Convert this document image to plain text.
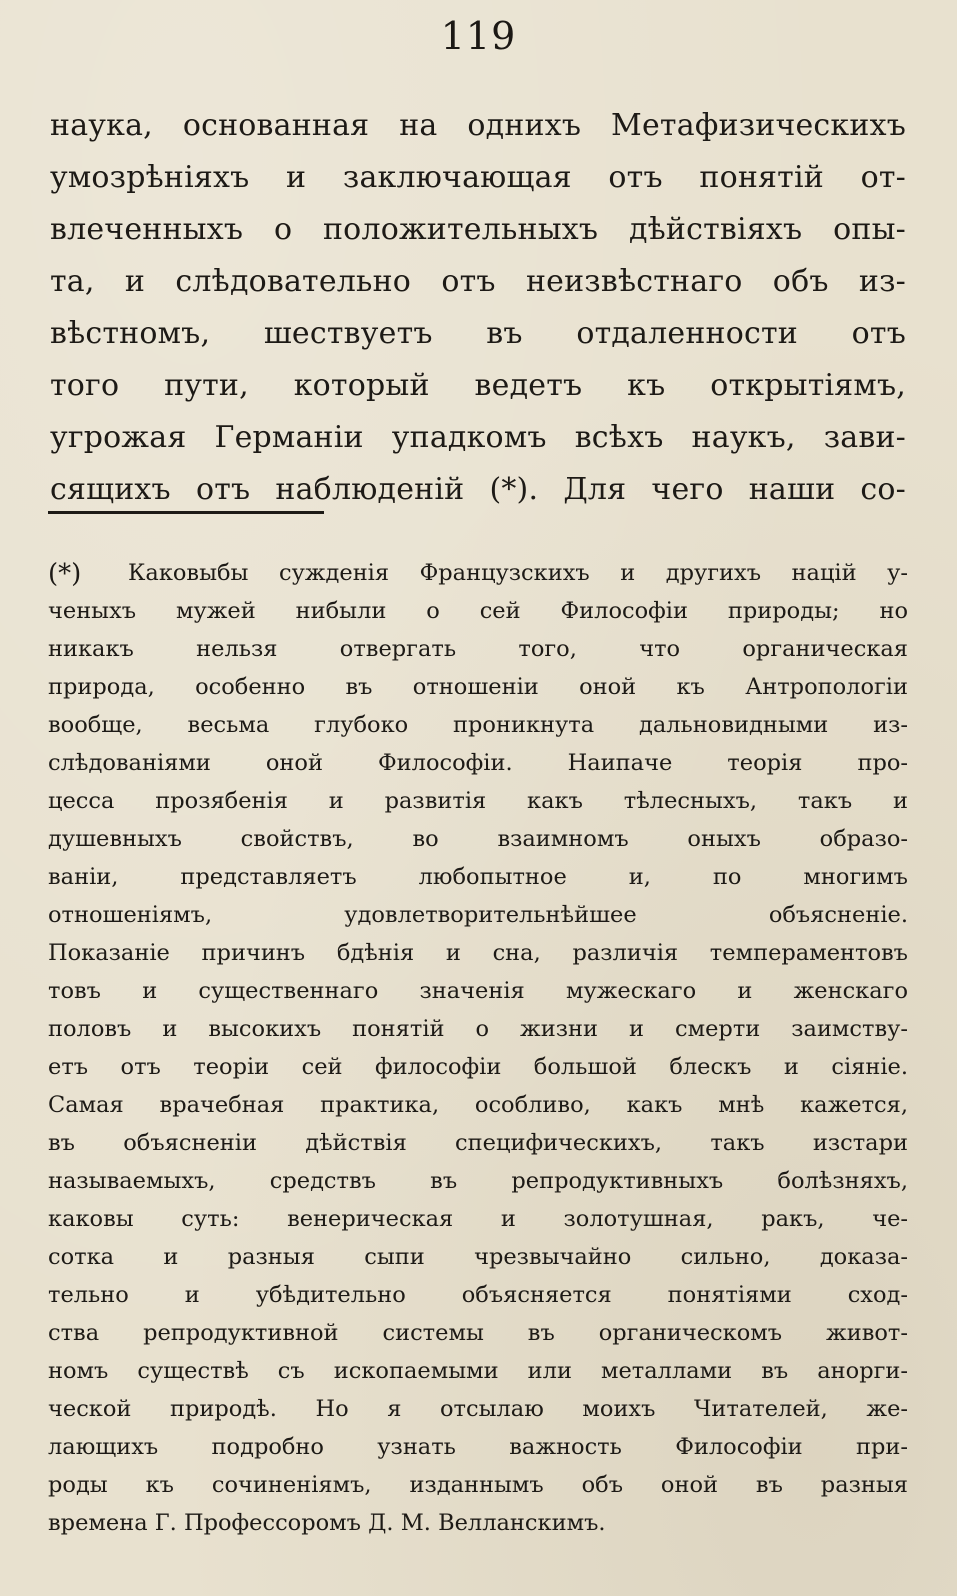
119
наука, основанная на однихъ Метафизическихъ
умозрѣніяхъ и заключающая отъ понятій от-
влеченныхъ о положительныхъ дѣйствіяхъ опы-
та, и слѣдовательно отъ неизвѣстнаго объ из-
вѣстномъ, шествуетъ въ отдаленности отъ
того пути, который ведетъ къ открытіямъ,
угрожая Германіи упадкомъ всѣхъ наукъ, зави-
сящихъ отъ наблюденій (*). Для чего наши со-
(*)	Каковыбы сужденія Французскихъ и другихъ націй у-
ченыхъ мужей нибыли о сей Философіи природы; но
никакъ нельзя отвергать того, что органическая
природа, особенно въ отношеніи оной къ Антропологіи
вообще, весьма глубоко проникнута дальновидными из-
слѣдованіями оной Философіи. Наипаче теорія про-
цесса прозябенія и развитія какъ тѣлесныхъ, такъ и
душевныхъ свойствъ, во взаимномъ оныхъ образо-
ваніи, представляетъ любопытное и, по многимъ
отношеніямъ, удовлетворительнѣйшее объясненіе.
Показаніе причинъ бдѣнія и сна, различія темпераментовъ
товъ и существеннаго значенія мужескаго и женскаго
половъ и высокихъ понятій о жизни и смерти заимству-
етъ отъ теоріи сей философіи большой блескъ и сіяніе.
Самая врачебная практика, особливо, какъ мнѣ кажется,
въ объясненіи дѣйствія специфическихъ, такъ изстари
называемыхъ, средствъ въ репродуктивныхъ болѣзняхъ,
каковы суть: венерическая и золотушная, ракъ, че-
сотка и разныя сыпи чрезвычайно сильно, доказа-
тельно и убѣдительно объясняется понятіями сход-
ства репродуктивной системы въ органическомъ живот-
номъ существѣ съ ископаемыми или металлами въ анорги-
ческой природѣ. Но я отсылаю моихъ Читателей, же-
лающихъ подробно узнать важность Философіи при-
роды къ сочиненіямъ, изданнымъ объ оной въ разныя
времена Г. Профессоромъ Д. М. Велланскимъ.
